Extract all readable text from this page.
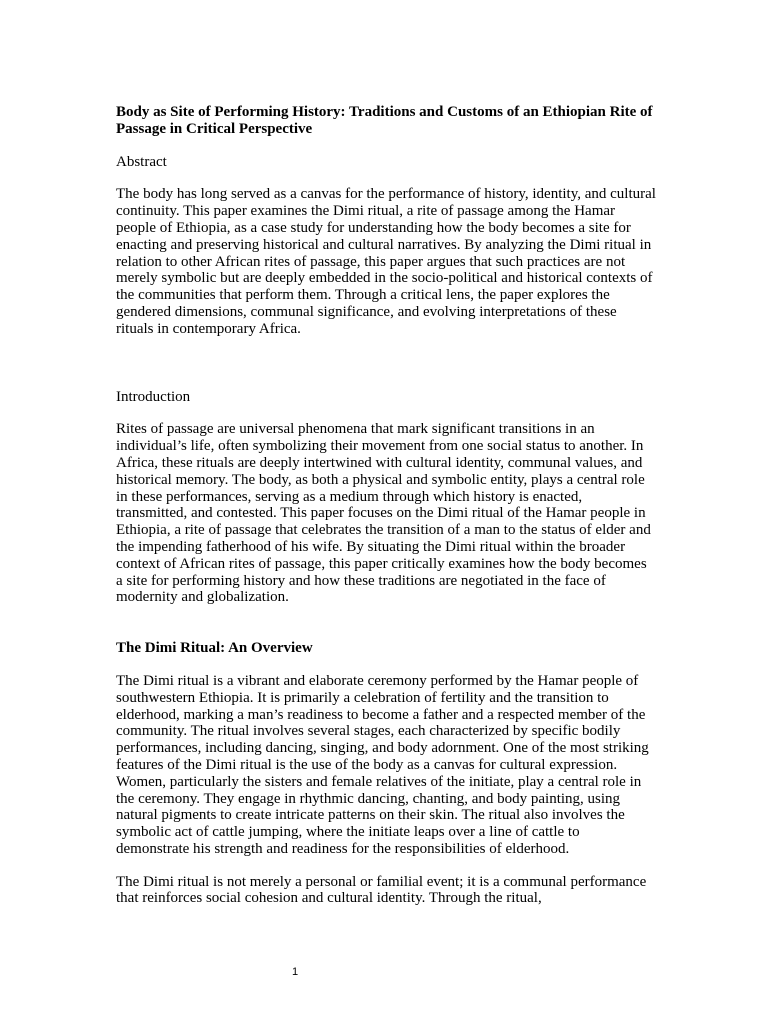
Body as Site of Performing History: Traditions and Customs of an Ethiopian Rite of Passage in Critical Perspective
Abstract

The body has long served as a canvas for the performance of history, identity, and cultural continuity. This paper examines the Dimi ritual, a rite of passage among the Hamar people of Ethiopia, as a case study for understanding how the body becomes a site for enacting and preserving historical and cultural narratives. By analyzing the Dimi ritual in relation to other African rites of passage, this paper argues that such practices are not merely symbolic but are deeply embedded in the socio-political and historical contexts of the communities that perform them. Through a critical lens, the paper explores the gendered dimensions, communal significance, and evolving interpretations of these rituals in contemporary Africa.

Introduction

Rites of passage are universal phenomena that mark significant transitions in an individual’s life, often symbolizing their movement from one social status to another. In Africa, these rituals are deeply intertwined with cultural identity, communal values, and historical memory. The body, as both a physical and symbolic entity, plays a central role in these performances, serving as a medium through which history is enacted, transmitted, and contested. This paper focuses on the Dimi ritual of the Hamar people in Ethiopia, a rite of passage that celebrates the transition of a man to the status of elder and the impending fatherhood of his wife. By situating the Dimi ritual within the broader context of African rites of passage, this paper critically examines how the body becomes a site for performing history and how these traditions are negotiated in the face of modernity and globalization.

The Dimi Ritual: An Overview

The Dimi ritual is a vibrant and elaborate ceremony performed by the Hamar people of southwestern Ethiopia. It is primarily a celebration of fertility and the transition to elderhood, marking a man’s readiness to become a father and a respected member of the community. The ritual involves several stages, each characterized by specific bodily performances, including dancing, singing, and body adornment. One of the most striking features of the Dimi ritual is the use of the body as a canvas for cultural expression. Women, particularly the sisters and female relatives of the initiate, play a central role in the ceremony. They engage in rhythmic dancing, chanting, and body painting, using natural pigments to create intricate patterns on their skin. The ritual also involves the symbolic act of cattle jumping, where the initiate leaps over a line of cattle to demonstrate his strength and readiness for the responsibilities of elderhood.

The Dimi ritual is not merely a personal or familial event; it is a communal performance that reinforces social cohesion and cultural identity. Through the ritual,

1
